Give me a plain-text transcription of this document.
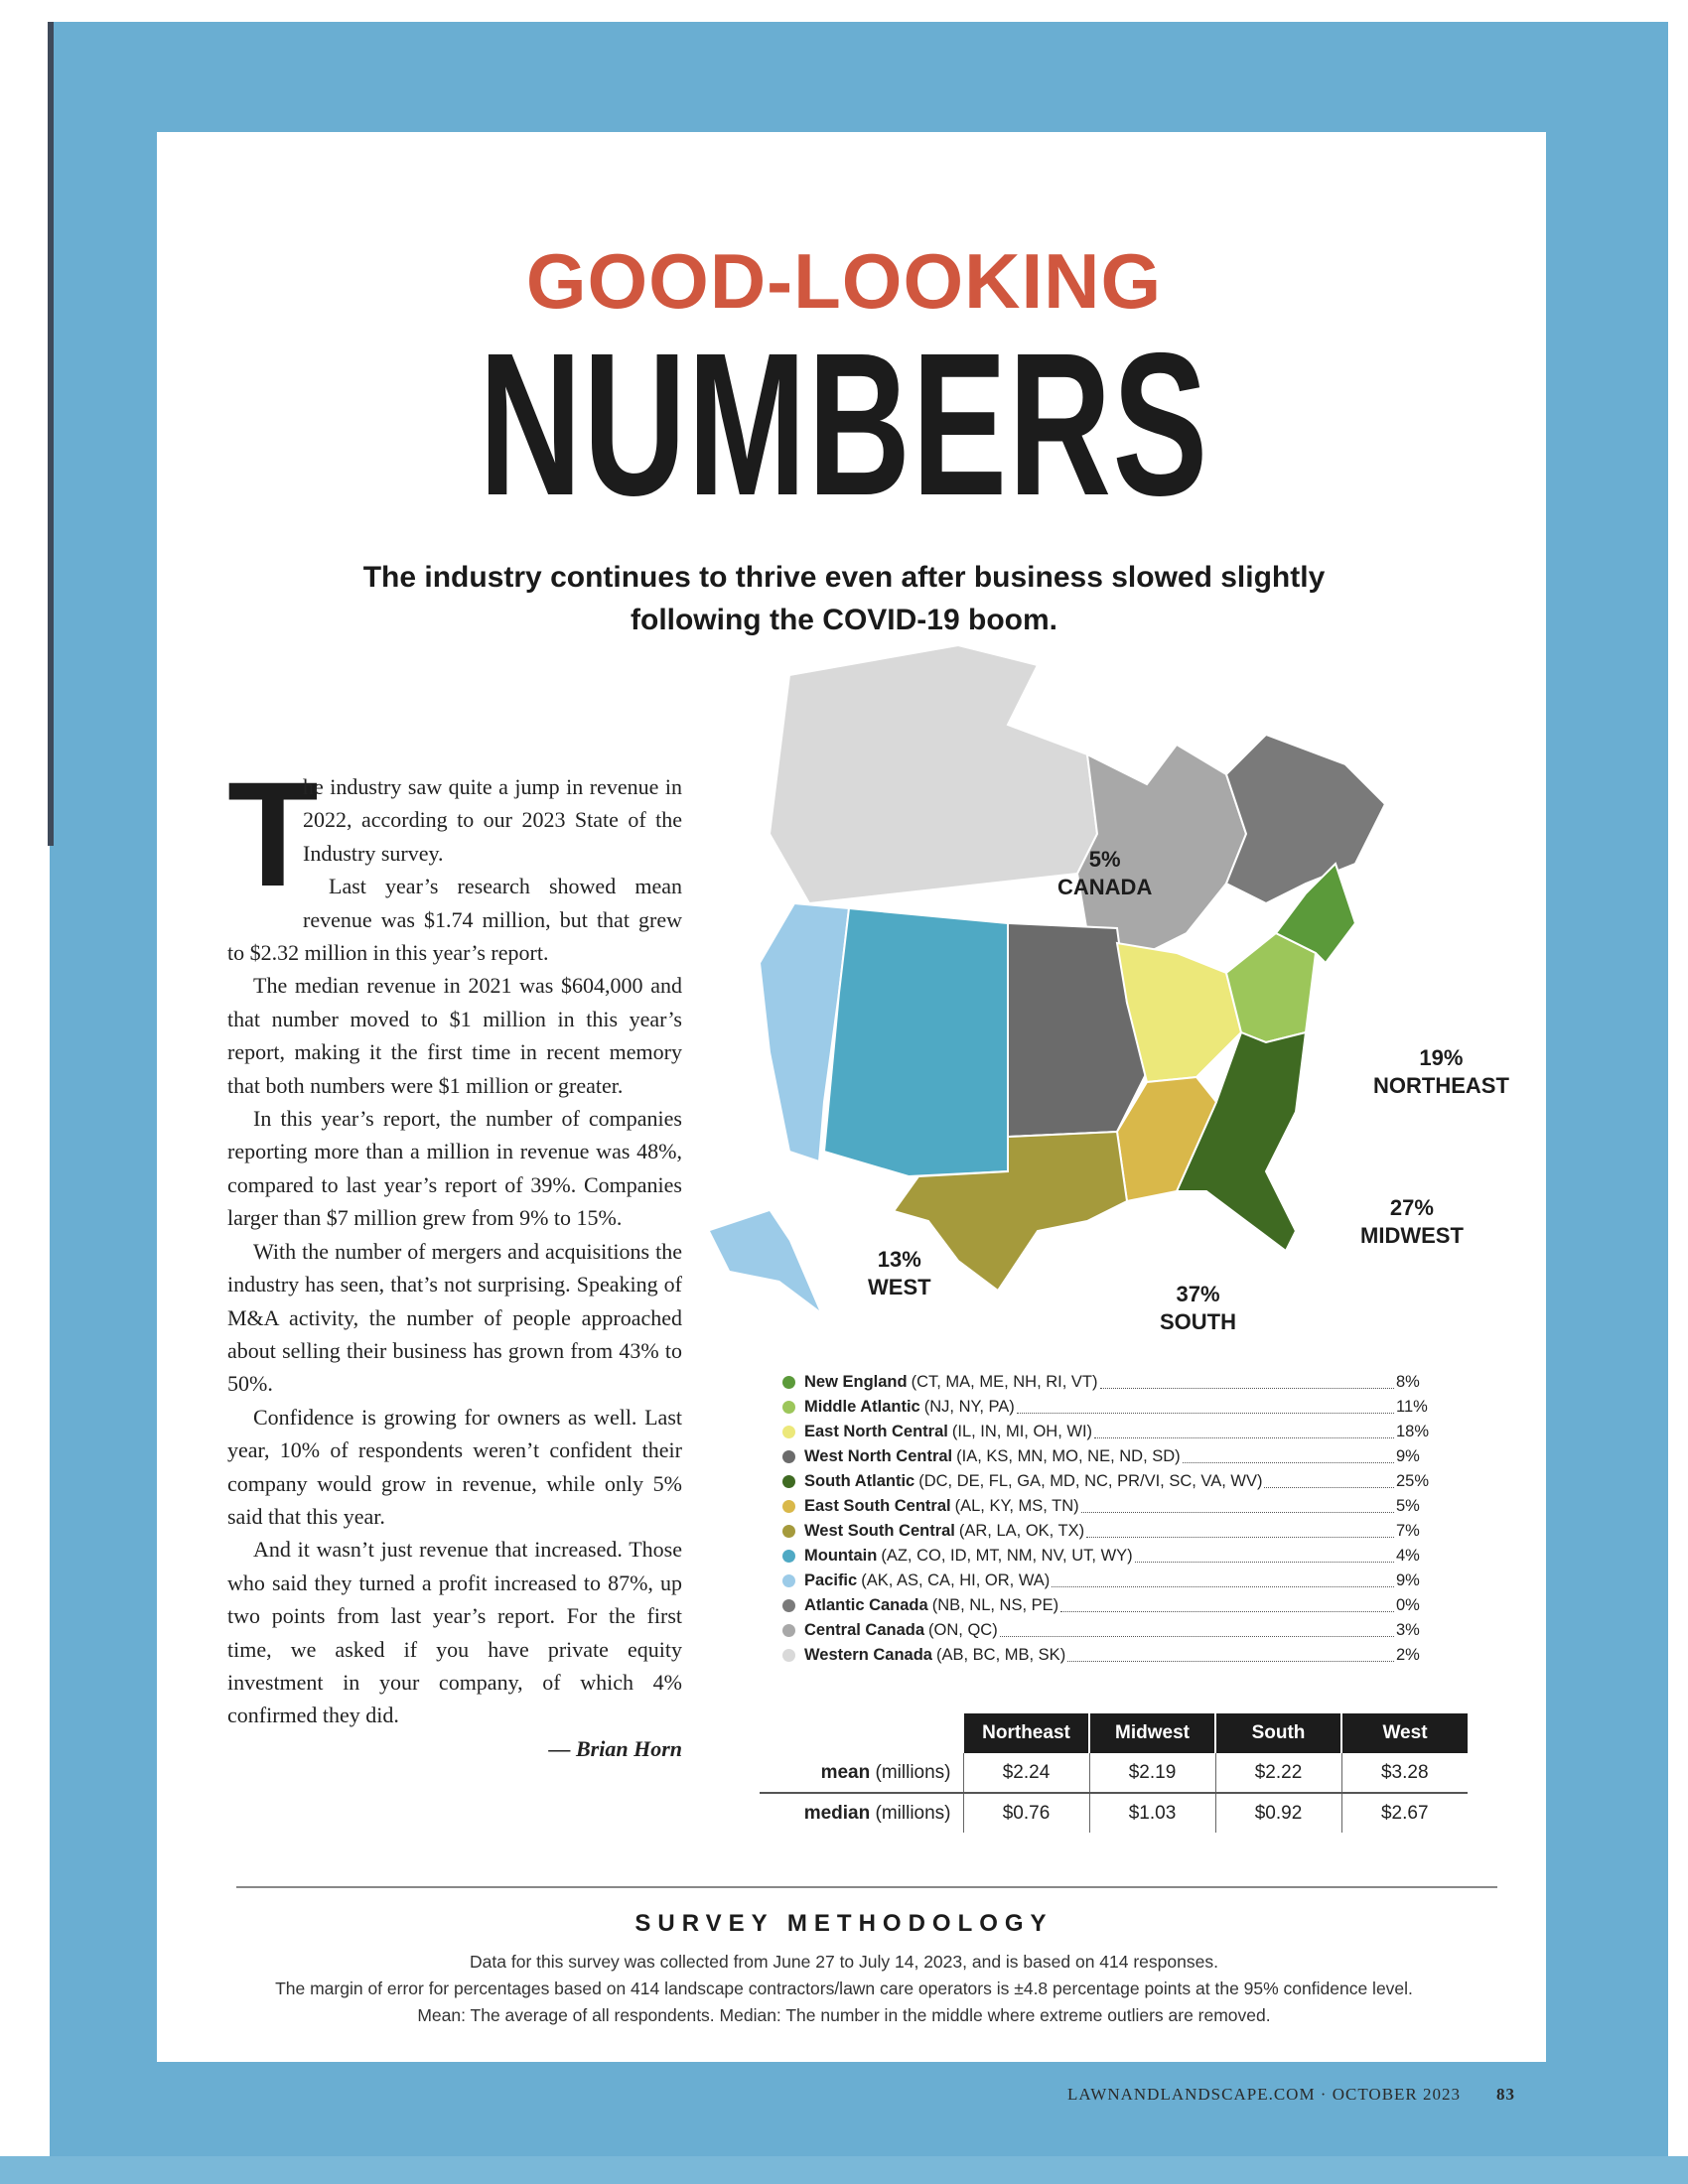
GOOD-LOOKING
NUMBERS
The industry continues to thrive even after business slowed slightly
following the COVID-19 boom.
5%
CANADA
19%
NORTHEAST
27%
MIDWEST
37%
SOUTH
13%
WEST
T

he industry saw quite a jump in revenue in 2022, according to our 2023 State of the Industry survey.

Last year’s research showed mean revenue was $1.74 million, but that grew to $2.32 million in this year’s report.

The median revenue in 2021 was $604,000 and that number moved to $1 million in this year’s report, making it the first time in recent memory that both numbers were $1 million or greater.

In this year’s report, the number of companies reporting more than a million in revenue was 48%, compared to last year’s report of 39%. Companies larger than $7 million grew from 9% to 15%.

With the number of mergers and acquisitions the industry has seen, that’s not surprising. Speaking of M&A activity, the number of people approached about selling their business has grown from 43% to 50%.

Confidence is growing for owners as well. Last year, 10% of respondents weren’t confident their company would grow in revenue, while only 5% said that this year.

And it wasn’t just revenue that increased. Those who said they turned a profit increased to 87%, up two points from last year’s report. For the first time, we asked if you have private equity investment in your company, of which 4% confirmed they did.

— Brian Horn
New England (CT, MA, ME, NH, RI, VT)	8%
Middle Atlantic (NJ, NY, PA)	11%
East North Central (IL, IN, MI, OH, WI)	18%
West North Central (IA, KS, MN, MO, NE, ND, SD)	9%
South Atlantic (DC, DE, FL, GA, MD, NC, PR/VI, SC, VA, WV)	25%
East South Central (AL, KY, MS, TN)	5%
West South Central (AR, LA, OK, TX)	7%
Mountain (AZ, CO, ID, MT, NM, NV, UT, WY)	4%
Pacific (AK, AS, CA, HI, OR, WA)	9%
Atlantic Canada (NB, NL, NS, PE)	0%
Central Canada (ON, QC)	3%
Western Canada (AB, BC, MB, SK)	2%
	Northeast	Midwest	South	West
mean (millions)	$2.24	$2.19	$2.22	$3.28
median (millions)	$0.76	$1.03	$0.92	$2.67
SURVEY METHODOLOGY
Data for this survey was collected from June 27 to July 14, 2023, and is based on 414 responses.
The margin of error for percentages based on 414 landscape contractors/lawn care operators is ±4.8 percentage points at the 95% confidence level.
Mean: The average of all respondents. Median: The number in the middle where extreme outliers are removed.
LAWNANDLANDSCAPE.COM · OCTOBER 2023 83
